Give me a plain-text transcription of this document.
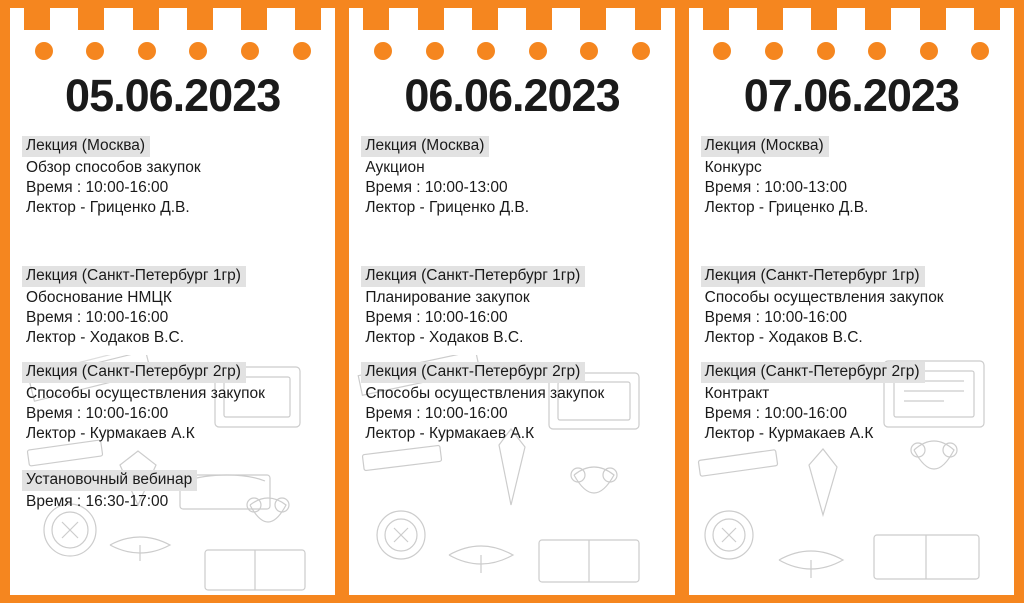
05.06.2023
Лекция (Москва)
Обзор способов закупок
Время : 10:00-16:00
Лектор - Гриценко Д.В.
Лекция (Санкт-Петербург 1гр)
Обоснование НМЦК
Время : 10:00-16:00
Лектор - Ходаков В.С.
Лекция (Санкт-Петербург 2гр)
Способы осуществления закупок
Время : 10:00-16:00
Лектор - Курмакаев А.К
Установочный вебинар
Время : 16:30-17:00
06.06.2023
Лекция (Москва)
Аукцион
Время : 10:00-13:00
Лектор - Гриценко Д.В.
Лекция (Санкт-Петербург 1гр)
Планирование закупок
Время : 10:00-16:00
Лектор - Ходаков В.С.
Лекция (Санкт-Петербург 2гр)
Способы осуществления закупок
Время : 10:00-16:00
Лектор - Курмакаев А.К
07.06.2023
Лекция (Москва)
Конкурс
Время : 10:00-13:00
Лектор - Гриценко Д.В.
Лекция (Санкт-Петербург 1гр)
Способы осуществления закупок
Время : 10:00-16:00
Лектор - Ходаков В.С.
Лекция (Санкт-Петербург 2гр)
Контракт
Время : 10:00-16:00
Лектор - Курмакаев А.К
